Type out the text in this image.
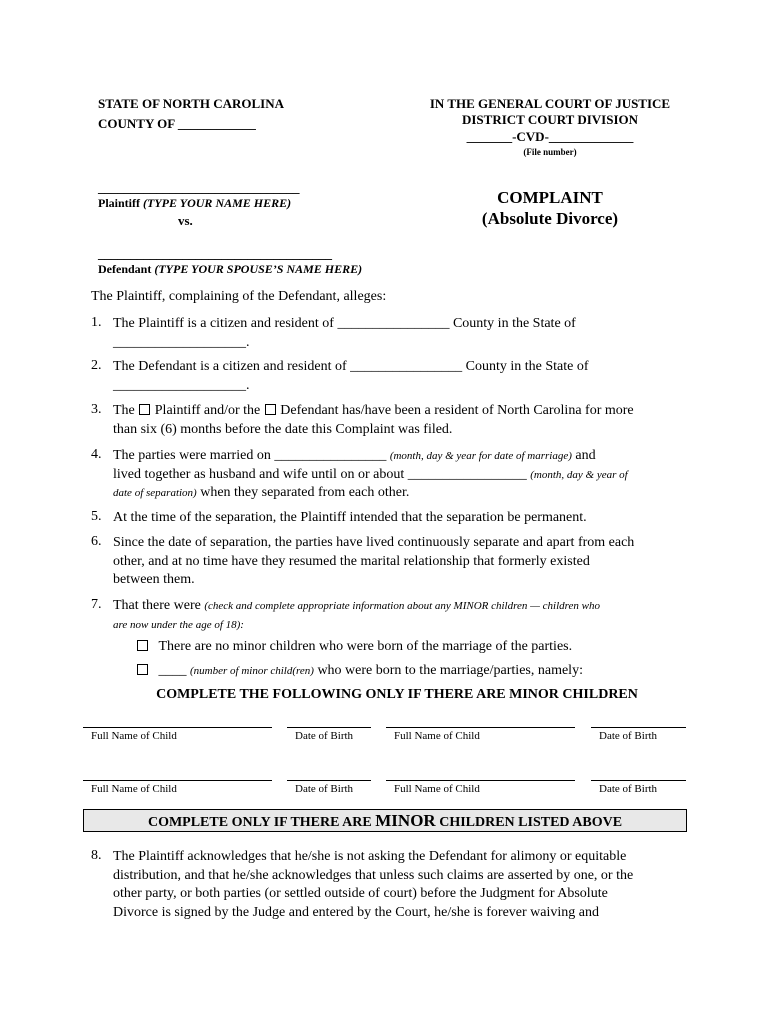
STATE OF NORTH CAROLINA
COUNTY OF ____________
IN THE GENERAL COURT OF JUSTICE
DISTRICT COURT DIVISION
_______-CVD-_____________
(File number)
_______________________________
Plaintiff (TYPE YOUR NAME HERE)
vs.
____________________________________
Defendant (TYPE YOUR SPOUSE’S NAME HERE)
COMPLAINT
(Absolute Divorce)
The Plaintiff, complaining of the Defendant, alleges:
1. The Plaintiff is a citizen and resident of ________________ County in the State of
___________________.
2. The Defendant is a citizen and resident of ________________ County in the State of
___________________.
3. The Plaintiff and/or the Defendant has/have been a resident of North Carolina for more
than six (6) months before the date this Complaint was filed.
4. The parties were married on ________________ (month, day & year for date of marriage) and
lived together as husband and wife until on or about _________________ (month, day & year of
date of separation) when they separated from each other.
5. At the time of the separation, the Plaintiff intended that the separation be permanent.
6. Since the date of separation, the parties have lived continuously separate and apart from each
other, and at no time have they resumed the marital relationship that formerly existed
between them.
7. That there were (check and complete appropriate information about any MINOR children — children who
are now under the age of 18):
There are no minor children who were born of the marriage of the parties.
____ (number of minor child(ren) who were born to the marriage/parties, namely:
COMPLETE THE FOLLOWING ONLY IF THERE ARE MINOR CHILDREN
Full Name of Child	Date of Birth	Full Name of Child	Date of Birth
Full Name of Child	Date of Birth	Full Name of Child	Date of Birth
COMPLETE ONLY IF THERE ARE MINOR CHILDREN LISTED ABOVE
8. The Plaintiff acknowledges that he/she is not asking the Defendant for alimony or equitable
distribution, and that he/she acknowledges that unless such claims are asserted by one, or the
other party, or both parties (or settled outside of court) before the Judgment for Absolute
Divorce is signed by the Judge and entered by the Court, he/she is forever waiving and
